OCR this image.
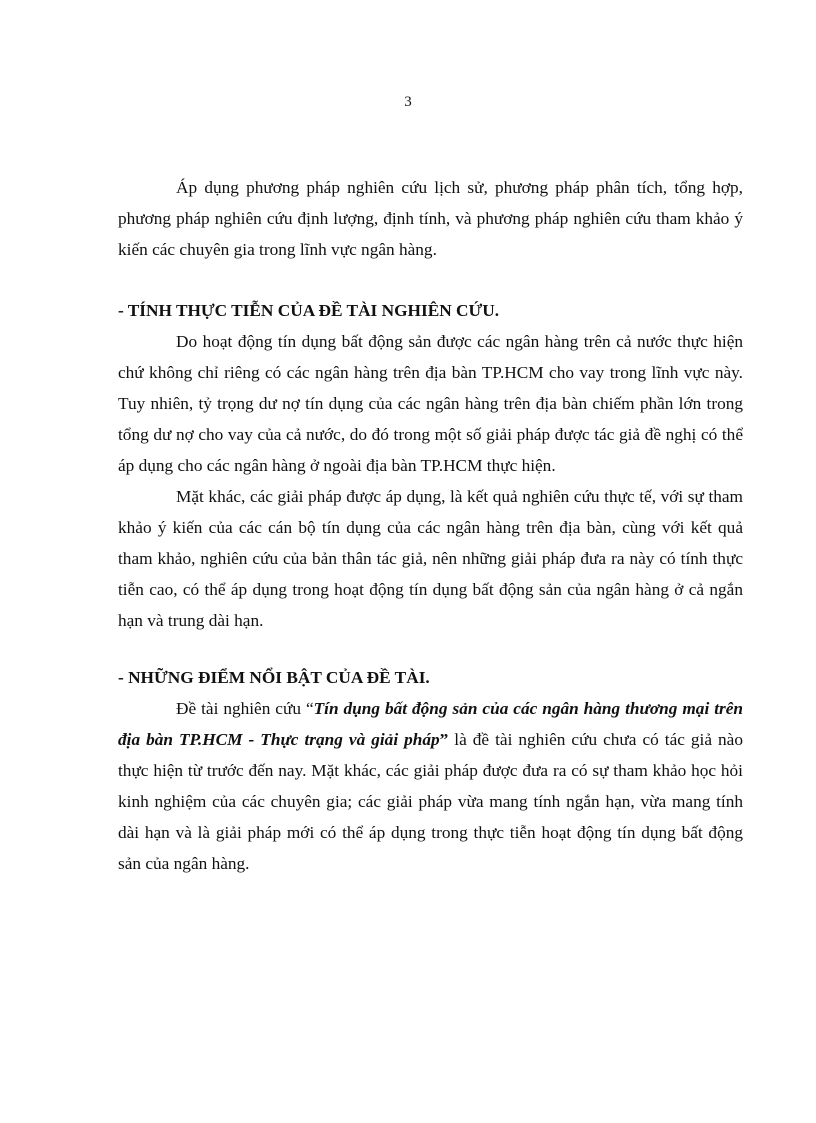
3

Áp dụng phương pháp nghiên cứu lịch sử, phương pháp phân tích, tổng hợp, phương pháp nghiên cứu định lượng, định tính, và phương pháp nghiên cứu tham khảo ý kiến các chuyên gia trong lĩnh vực ngân hàng.

- TÍNH THỰC TIỄN CỦA ĐỀ TÀI NGHIÊN CỨU.

Do hoạt động tín dụng bất động sản được các ngân hàng trên cả nước thực hiện chứ không chỉ riêng có các ngân hàng trên địa bàn TP.HCM cho vay trong lĩnh vực này. Tuy nhiên, tỷ trọng dư nợ tín dụng của các ngân hàng trên địa bàn chiếm phần lớn trong tổng dư nợ cho vay của cả nước, do đó trong một số giải pháp được tác giả đề nghị có thể áp dụng cho các ngân hàng ở ngoài địa bàn TP.HCM thực hiện.

Mặt khác, các giải pháp được áp dụng, là kết quả nghiên cứu thực tế, với sự tham khảo ý kiến của các cán bộ tín dụng của các ngân hàng trên địa bàn, cùng với kết quả tham khảo, nghiên cứu của bản thân tác giả, nên những giải pháp đưa ra này có tính thực tiễn cao, có thể áp dụng trong hoạt động tín dụng bất động sản của ngân hàng ở cả ngắn hạn và trung dài hạn.

- NHỮNG ĐIỂM NỔI BẬT CỦA ĐỀ TÀI.

Đề tài nghiên cứu “Tín dụng bất động sản của các ngân hàng thương mại trên địa bàn TP.HCM - Thực trạng và giải pháp” là đề tài nghiên cứu chưa có tác giả nào thực hiện từ trước đến nay. Mặt khác, các giải pháp được đưa ra có sự tham khảo học hỏi kinh nghiệm của các chuyên gia; các giải pháp vừa mang tính ngắn hạn, vừa mang tính dài hạn và là giải pháp mới có thể áp dụng trong thực tiễn hoạt động tín dụng bất động sản của ngân hàng.
